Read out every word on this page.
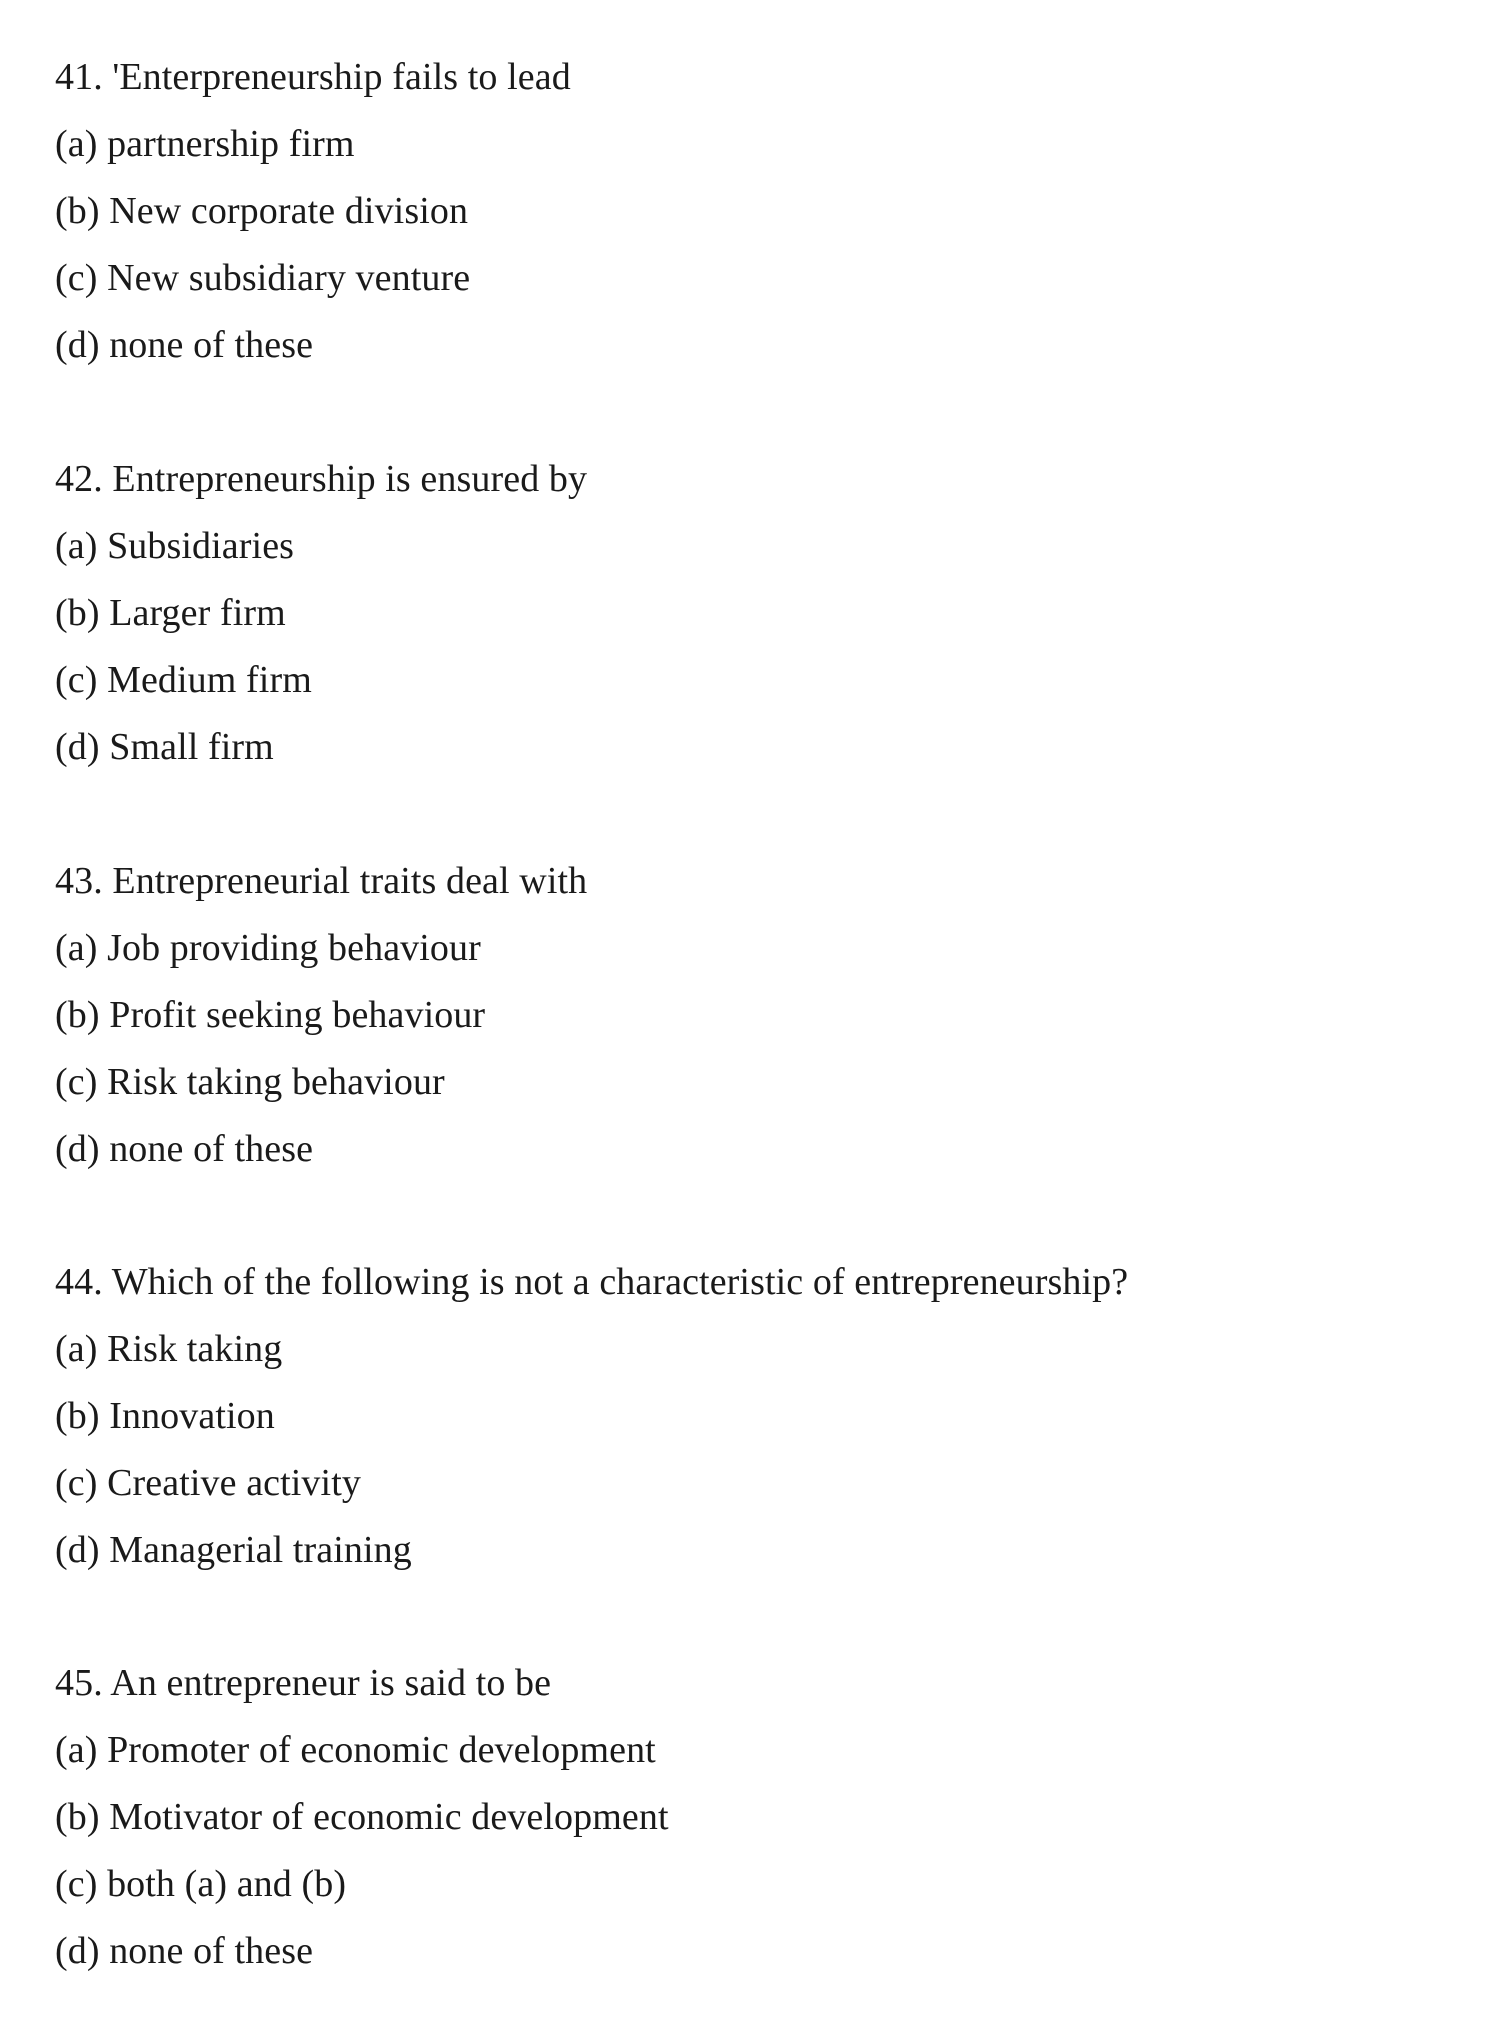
41. 'Enterpreneurship fails to lead
(a) partnership firm
(b) New corporate division
(c) New subsidiary venture
(d) none of these
42. Entrepreneurship is ensured by
(a) Subsidiaries
(b) Larger firm
(c) Medium firm
(d) Small firm
43. Entrepreneurial traits deal with
(a) Job providing behaviour
(b) Profit seeking behaviour
(c) Risk taking behaviour
(d) none of these
44. Which of the following is not a characteristic of entrepreneurship?
(a) Risk taking
(b) Innovation
(c) Creative activity
(d) Managerial training
45. An entrepreneur is said to be
(a) Promoter of economic development
(b) Motivator of economic development
(c) both (a) and (b)
(d) none of these
